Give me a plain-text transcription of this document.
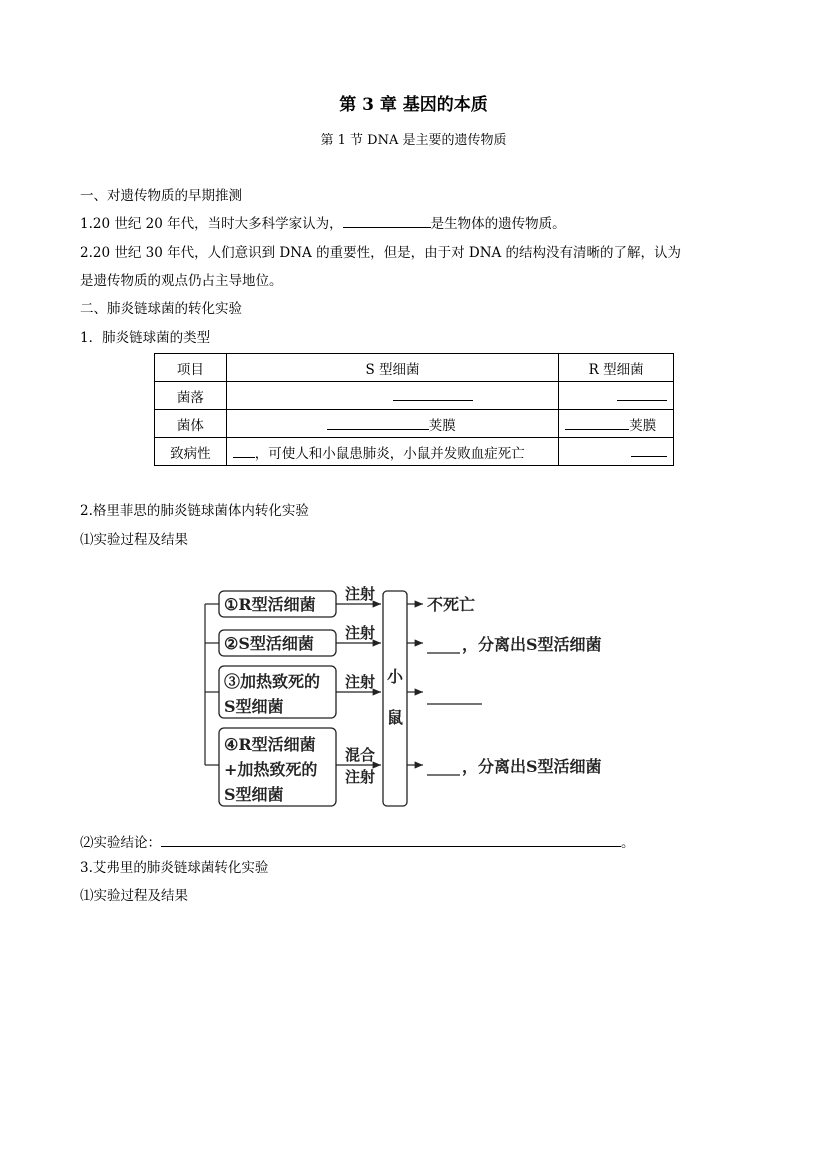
第 3 章 基因的本质
第 1 节 DNA 是主要的遗传物质
一、对遗传物质的早期推测
1.20 世纪 20 年代，当时大多科学家认为，	是生物体的遗传物质。
2.20 世纪 30 年代，人们意识到 DNA 的重要性，但是，由于对 DNA 的结构没有清晰的了解，认为
是遗传物质的观点仍占主导地位。
二、肺炎链球菌的转化实验
1．肺炎链球菌的类型
项目	S 型细菌	R 型细菌
菌落		
菌体	荚膜	荚膜
致病性	，可使人和小鼠患肺炎，小鼠并发败血症死亡	
2.格里菲思的肺炎链球菌体内转化实验
⑴实验过程及结果
①R型活细菌
②S型活细菌
③加热致死的
S型细菌
④R型活细菌
+加热致死的
S型细菌
注射
注射
注射
混合
注射
小
鼠
不死亡
，分离出S型活细菌
，分离出S型活细菌
⑵实验结论：	。
3.艾弗里的肺炎链球菌转化实验
⑴实验过程及结果
